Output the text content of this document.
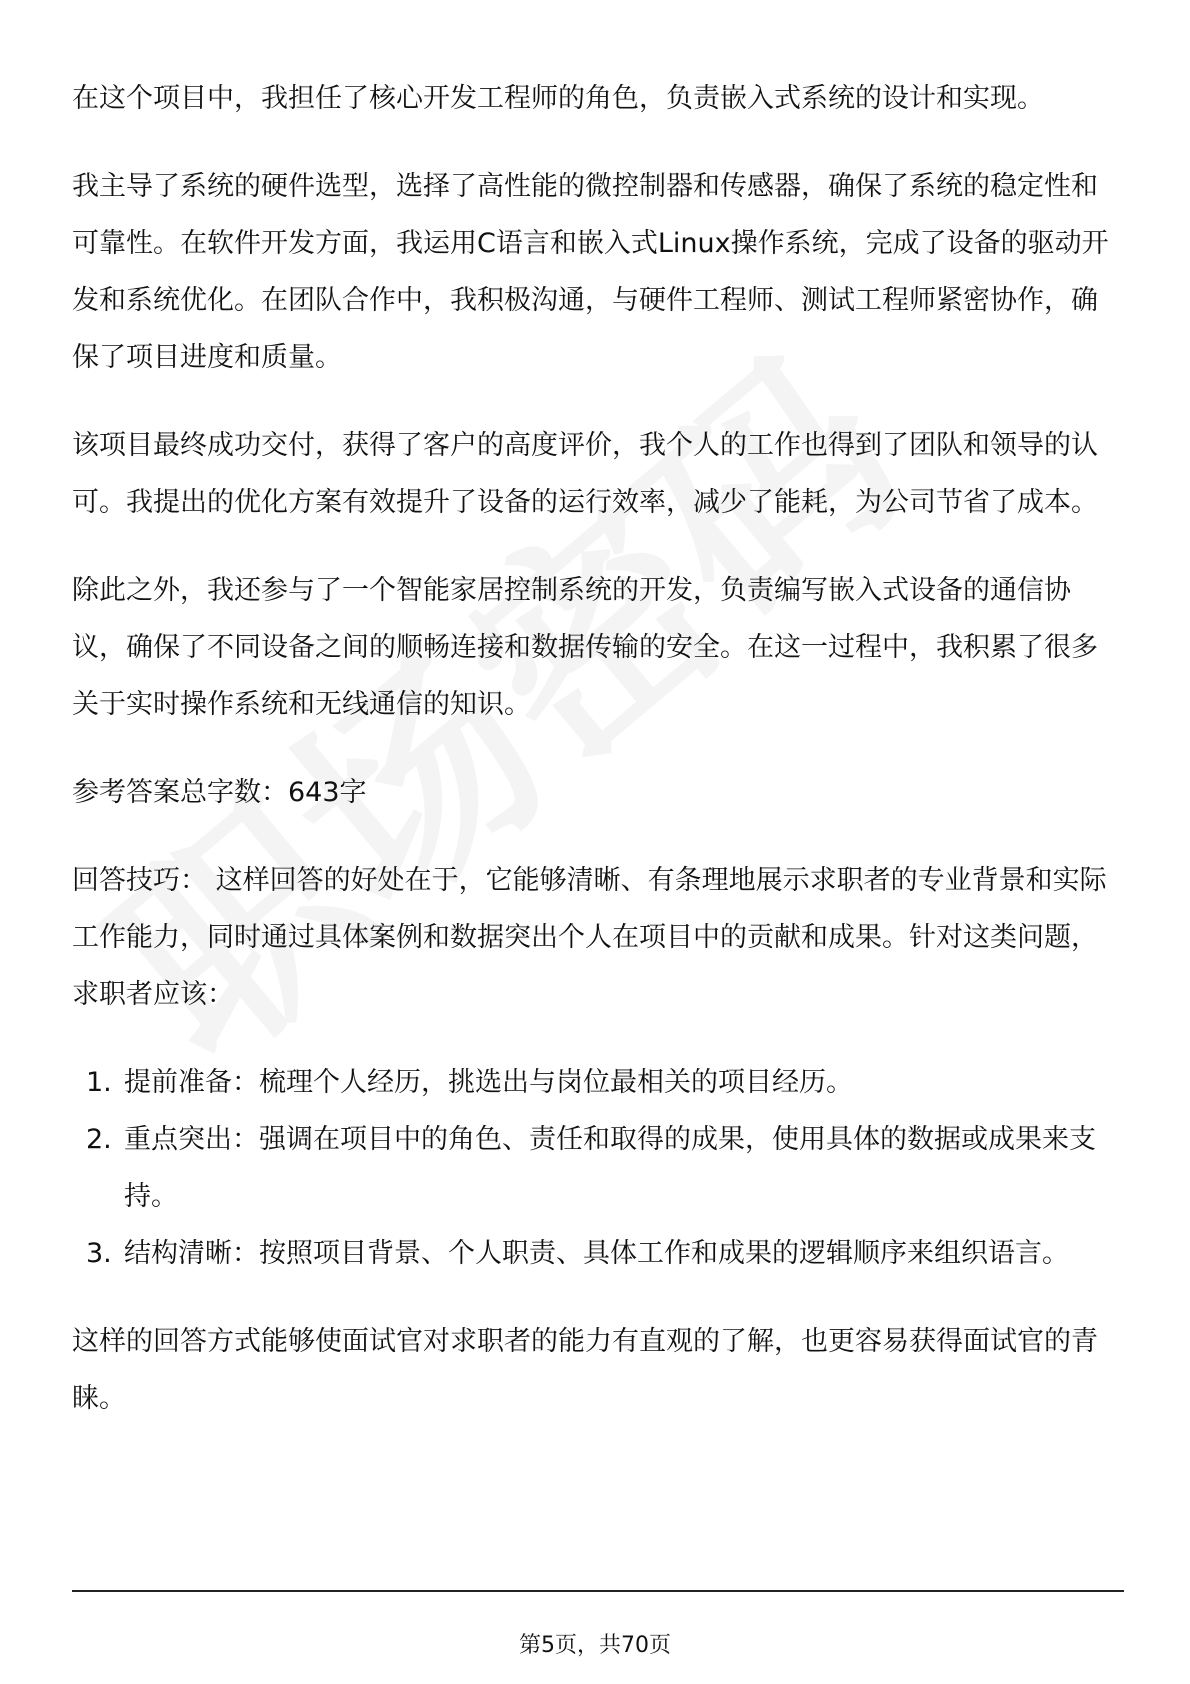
在这个项目中，我担任了核心开发工程师的角色，负责嵌入式系统的设计和实现。

我主导了系统的硬件选型，选择了高性能的微控制器和传感器，确保了系统的稳定性和可靠性。在软件开发方面，我运用C语言和嵌入式Linux操作系统，完成了设备的驱动开发和系统优化。在团队合作中，我积极沟通，与硬件工程师、测试工程师紧密协作，确保了项目进度和质量。

该项目最终成功交付，获得了客户的高度评价，我个人的工作也得到了团队和领导的认可。我提出的优化方案有效提升了设备的运行效率，减少了能耗，为公司节省了成本。

除此之外，我还参与了一个智能家居控制系统的开发，负责编写嵌入式设备的通信协议，确保了不同设备之间的顺畅连接和数据传输的安全。在这一过程中，我积累了很多关于实时操作系统和无线通信的知识。

参考答案总字数：643字

回答技巧： 这样回答的好处在于，它能够清晰、有条理地展示求职者的专业背景和实际工作能力，同时通过具体案例和数据突出个人在项目中的贡献和成果。针对这类问题，求职者应该：

1. 提前准备：梳理个人经历，挑选出与岗位最相关的项目经历。
2. 重点突出：强调在项目中的角色、责任和取得的成果，使用具体的数据或成果来支持。
3. 结构清晰：按照项目背景、个人职责、具体工作和成果的逻辑顺序来组织语言。

这样的回答方式能够使面试官对求职者的能力有直观的了解，也更容易获得面试官的青睐。

第5页，共70页
